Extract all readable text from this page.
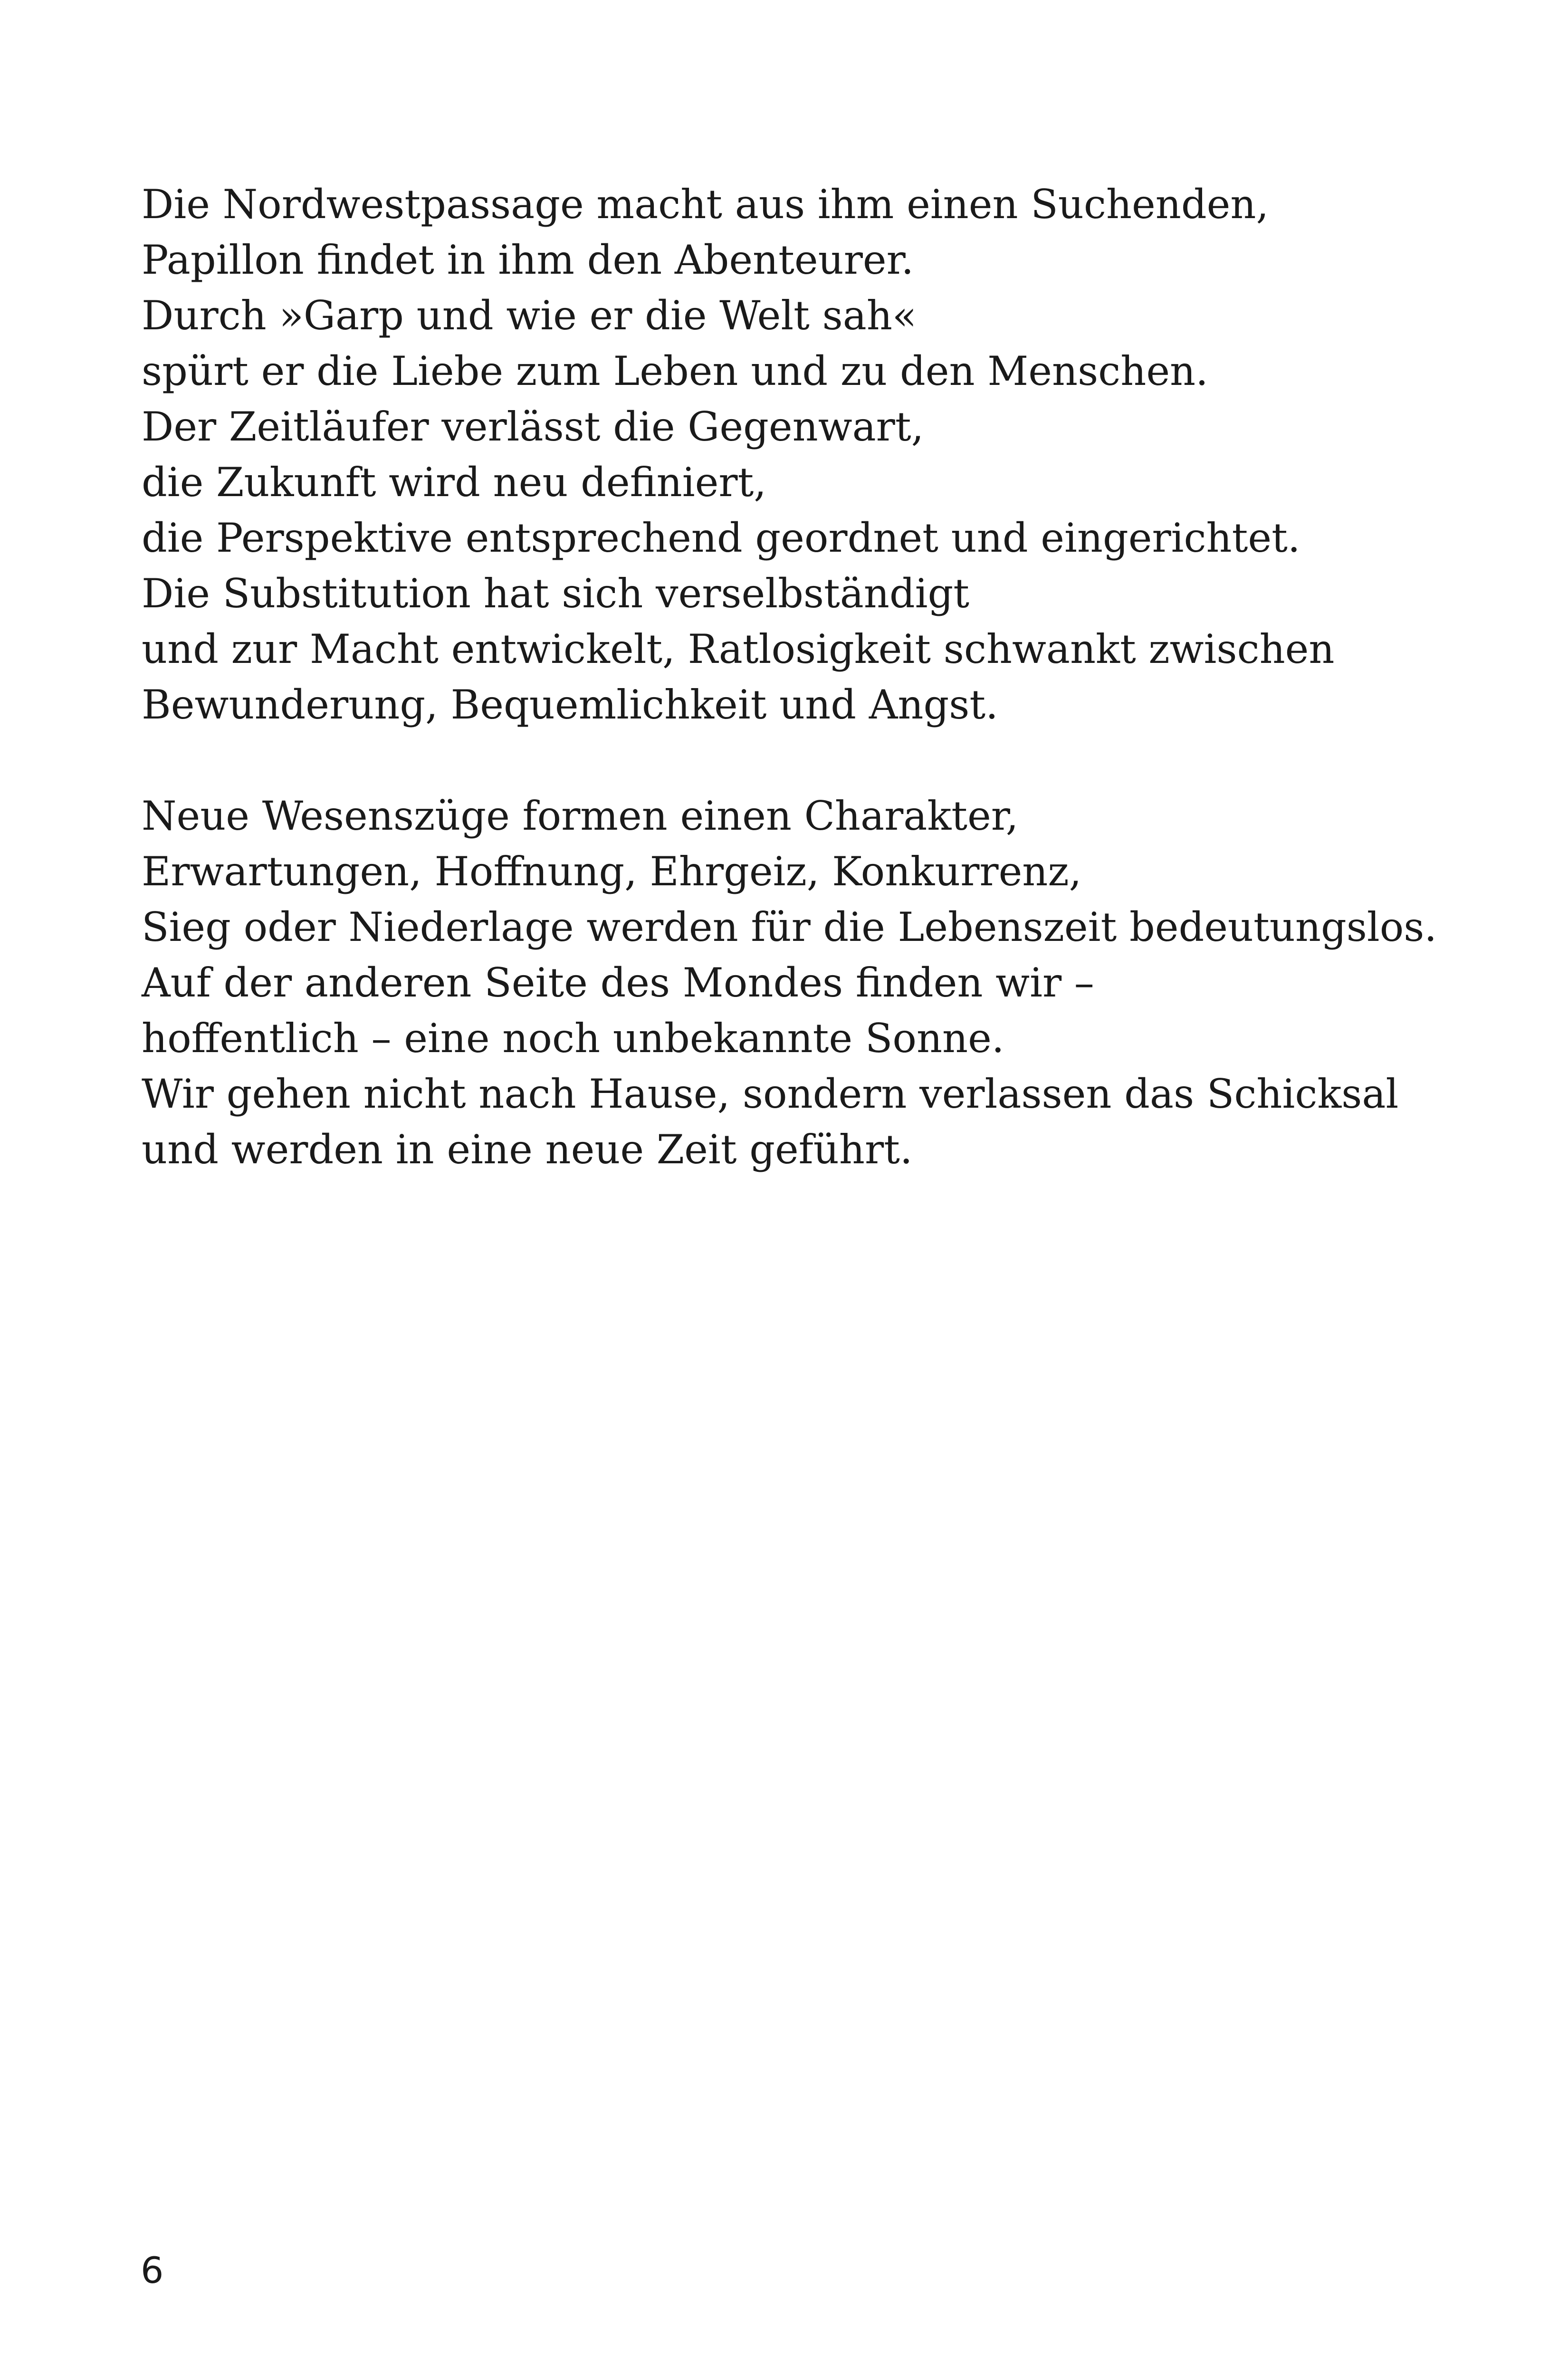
Die Nordwestpassage macht aus ihm einen Suchenden,
Papillon findet in ihm den Abenteurer.
Durch »Garp und wie er die Welt sah«
spürt er die Liebe zum Leben und zu den Menschen.
Der Zeitläufer verlässt die Gegenwart,
die Zukunft wird neu definiert,
die Perspektive entsprechend geordnet und eingerichtet.
Die Substitution hat sich verselbständigt
und zur Macht entwickelt, Ratlosigkeit schwankt zwischen
Bewunderung, Bequemlichkeit und Angst.

Neue Wesenszüge formen einen Charakter,
Erwartungen, Hoffnung, Ehrgeiz, Konkurrenz,
Sieg oder Niederlage werden für die Lebenszeit bedeutungslos.
Auf der anderen Seite des Mondes finden wir –
hoffentlich – eine noch unbekannte Sonne.
Wir gehen nicht nach Hause, sondern verlassen das Schicksal
und werden in eine neue Zeit geführt.

6
